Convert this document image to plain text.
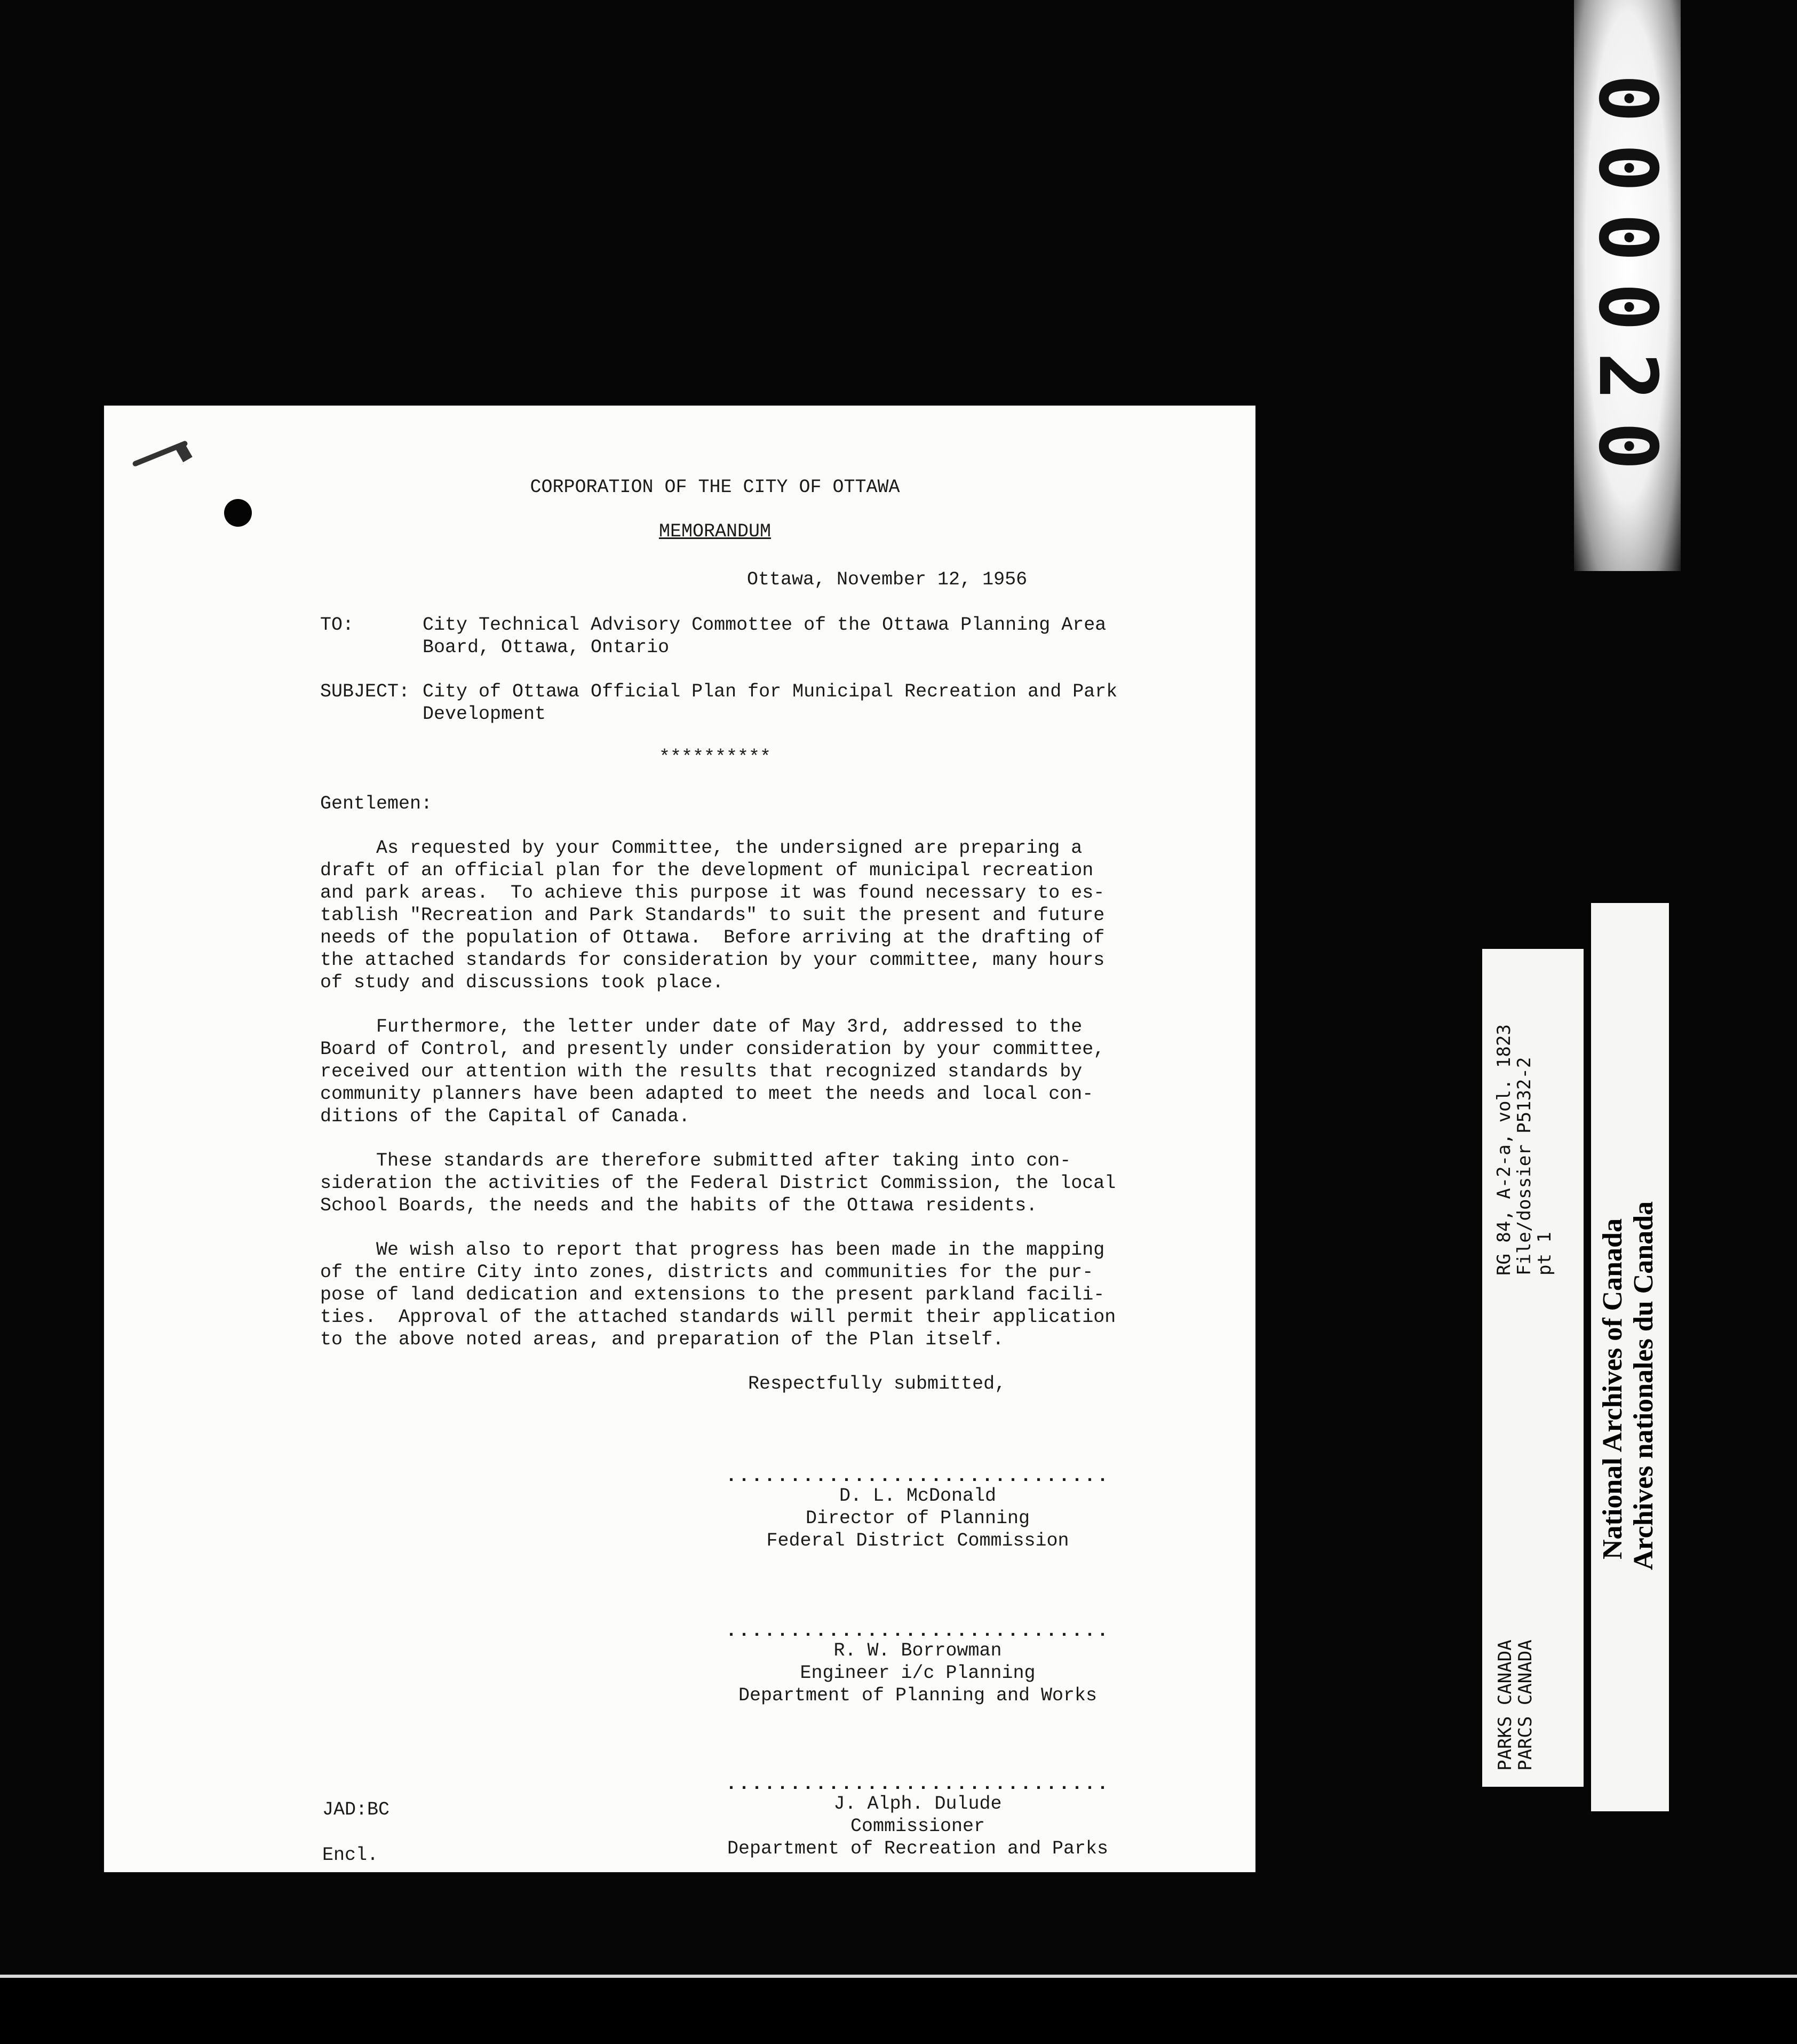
000020
CORPORATION OF THE CITY OF OTTAWA
MEMORANDUM
Ottawa, November 12, 1956
TO:	City Technical Advisory Commottee of the Ottawa Planning Area
Board, Ottawa, Ontario
SUBJECT: City of Ottawa Official Plan for Municipal Recreation and Park
Development
**********
Gentlemen:
As requested by your Committee, the undersigned are preparing a
draft of an official plan for the development of municipal recreation
and park areas.  To achieve this purpose it was found necessary to es-
tablish "Recreation and Park Standards" to suit the present and future
needs of the population of Ottawa.  Before arriving at the drafting of
the attached standards for consideration by your committee, many hours
of study and discussions took place.
Furthermore, the letter under date of May 3rd, addressed to the
Board of Control, and presently under consideration by your committee,
received our attention with the results that recognized standards by
community planners have been adapted to meet the needs and local con-
ditions of the Capital of Canada.
These standards are therefore submitted after taking into con-
sideration the activities of the Federal District Commission, the local
School Boards, the needs and the habits of the Ottawa residents.
We wish also to report that progress has been made in the mapping
of the entire City into zones, districts and communities for the pur-
pose of land dedication and extensions to the present parkland facili-
ties.  Approval of the attached standards will permit their application
to the above noted areas, and preparation of the Plan itself.
Respectfully submitted,
..............................
D. L. McDonald
Director of Planning
Federal District Commission
..............................
R. W. Borrowman
Engineer i/c Planning
Department of Planning and Works
..............................
J. Alph. Dulude
Commissioner
Department of Recreation and Parks
JAD:BC
Encl.
PARKS CANADA
PARCS CANADA
RG 84, A-2-a, vol. 1823
File/dossier P5132-2
pt 1 National Archives of Canada Archives nationales du Canada
